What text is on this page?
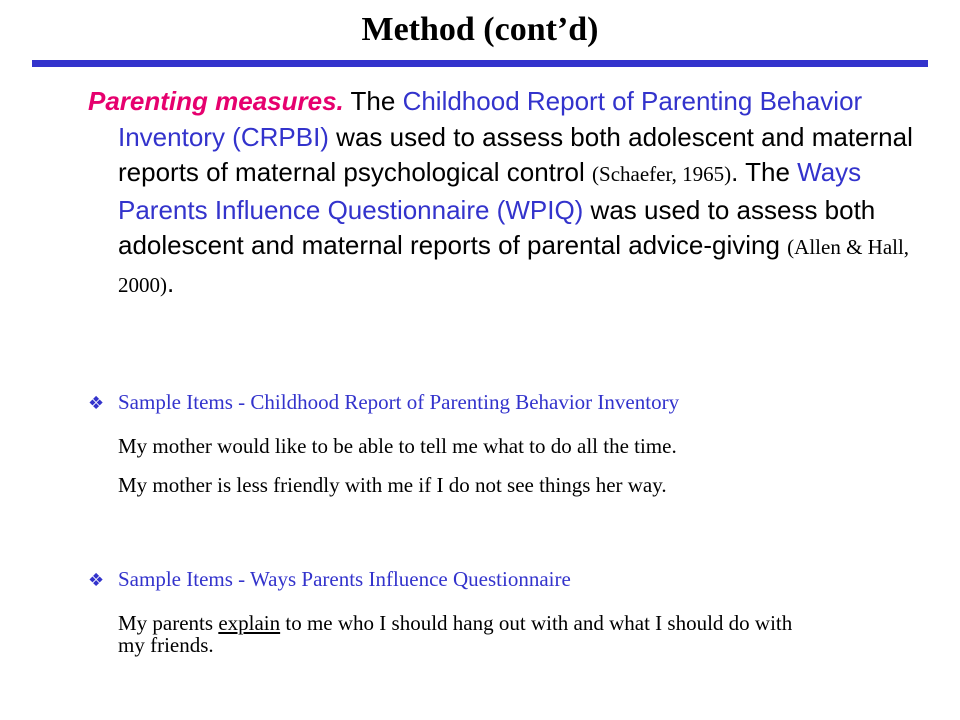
Method (cont’d)

Parenting measures. The Childhood Report of Parenting Behavior Inventory (CRPBI) was used to assess both adolescent and maternal reports of maternal psychological control (Schaefer, 1965). The Ways Parents Influence Questionnaire (WPIQ) was used to assess both adolescent and maternal reports of parental advice-giving (Allen & Hall, 2000).

❖ Sample Items - Childhood Report of Parenting Behavior Inventory

My mother would like to be able to tell me what to do all the time.

My mother is less friendly with me if I do not see things her way.

❖ Sample Items - Ways Parents Influence Questionnaire

My parents explain to me who I should hang out with and what I should do with my friends.
